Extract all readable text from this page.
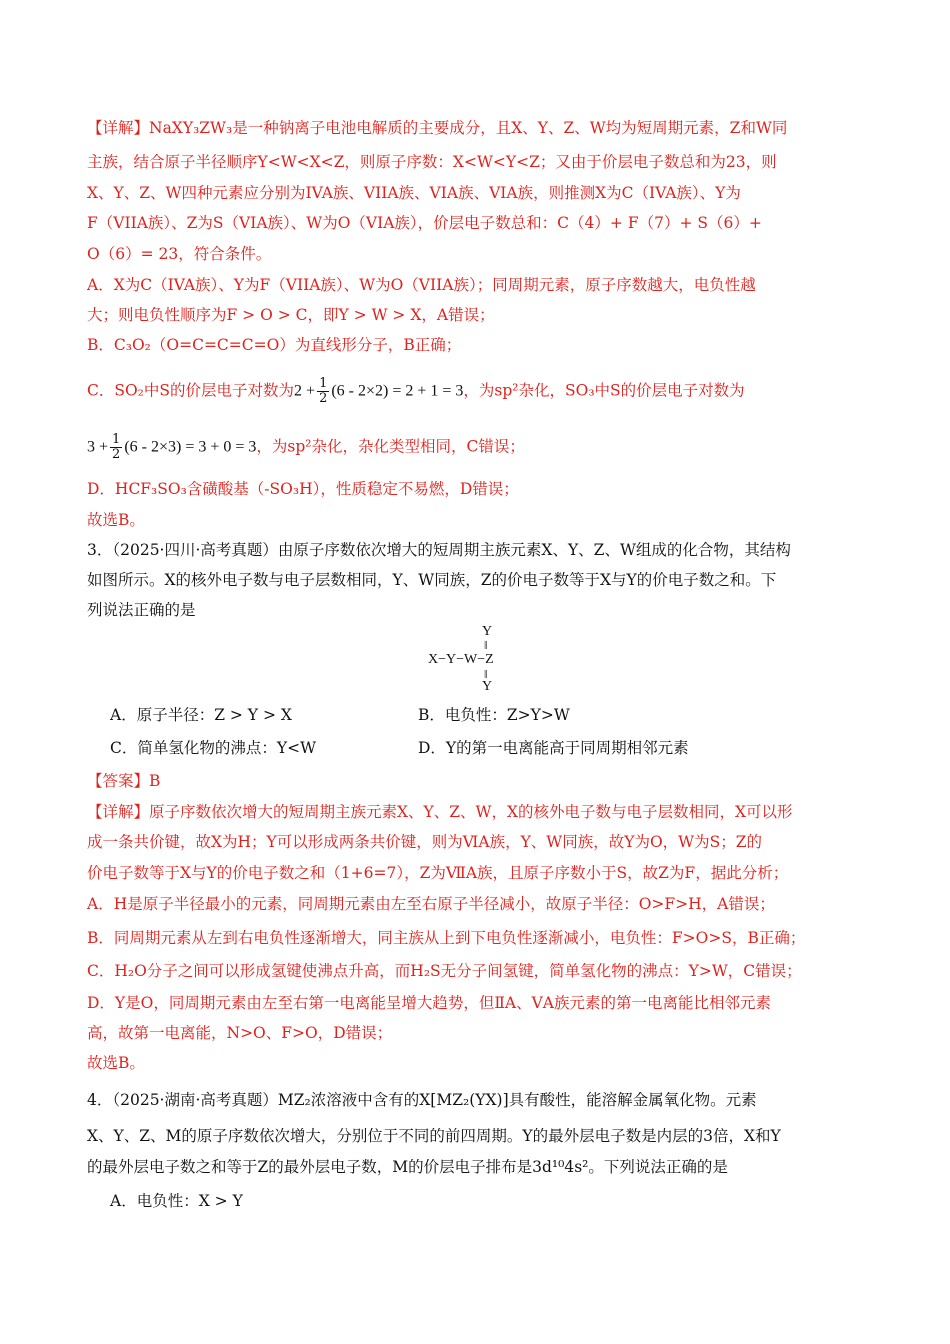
【详解】NaXY₃ZW₃是一种钠离子电池电解质的主要成分，且X、Y、Z、W均为短周期元素，Z和W同
主族，结合原子半径顺序Y<W<X<Z，则原子序数：X<W<Y<Z；又由于价层电子数总和为23，则
X、Y、Z、W四种元素应分别为IVA族、VIIA族、VIA族、VIA族，则推测X为C（IVA族）、Y为
F（VIIA族）、Z为S（VIA族）、W为O（VIA族），价层电子数总和：C（4）+ F（7）+ S（6）+
O（6）= 23，符合条件。
A．X为C（IVA族）、Y为F（VIIA族）、W为O（VIIA族）；同周期元素，原子序数越大，电负性越
大；则电负性顺序为F > O > C，即Y > W > X，A错误；
B．C₃O₂（O=C=C=C=O）为直线形分子，B正确；
C．SO₂中S的价层电子对数为$2 + \frac{1}{2} (6 - 2\times 2) = 2 + 1 = 3$，为sp²杂化，SO₃中S的价层电子对数为
$3 + \frac{1}{2} (6 - 2\times 3) = 3 + 0 = 3$，为sp²杂化，杂化类型相同，C错误；
D．HCF₃SO₃含磺酸基（-SO₃H），性质稳定不易燃，D错误；
故选B。
3．（2025·四川·高考真题）由原子序数依次增大的短周期主族元素X、Y、Z、W组成的化合物，其结构
如图所示。X的核外电子数与电子层数相同，Y、W同族，Z的价电子数等于X与Y的价电子数之和。下
列说法正确的是
Y
‖
X−Y−W−Z
‖
Y
A．原子半径：Z > Y > X	B．电负性：Z>Y>W
C．简单氢化物的沸点：Y<W	D．Y的第一电离能高于同周期相邻元素
【答案】B
【详解】原子序数依次增大的短周期主族元素X、Y、Z、W，X的核外电子数与电子层数相同，X可以形
成一条共价键，故X为H；Y可以形成两条共价键，则为ⅥA族，Y、W同族，故Y为O，W为S；Z的
价电子数等于X与Y的价电子数之和（1+6=7），Z为ⅦA族，且原子序数小于S，故Z为F，据此分析；
A．H是原子半径最小的元素，同周期元素由左至右原子半径减小，故原子半径：O>F>H，A错误；
B．同周期元素从左到右电负性逐渐增大，同主族从上到下电负性逐渐减小，电负性：F>O>S，B正确；
C．H₂O分子之间可以形成氢键使沸点升高，而H₂S无分子间氢键，简单氢化物的沸点：Y>W，C错误；
D．Y是O，同周期元素由左至右第一电离能呈增大趋势，但ⅡA、ⅤA族元素的第一电离能比相邻元素
高，故第一电离能，N>O、F>O，D错误；
故选B。
4．（2025·湖南·高考真题）MZ₂浓溶液中含有的X[MZ₂(YX)]具有酸性，能溶解金属氧化物。元素
X、Y、Z、M的原子序数依次增大，分别位于不同的前四周期。Y的最外层电子数是内层的3倍，X和Y
的最外层电子数之和等于Z的最外层电子数，M的价层电子排布是3d¹⁰4s²。下列说法正确的是
A．电负性：X > Y
